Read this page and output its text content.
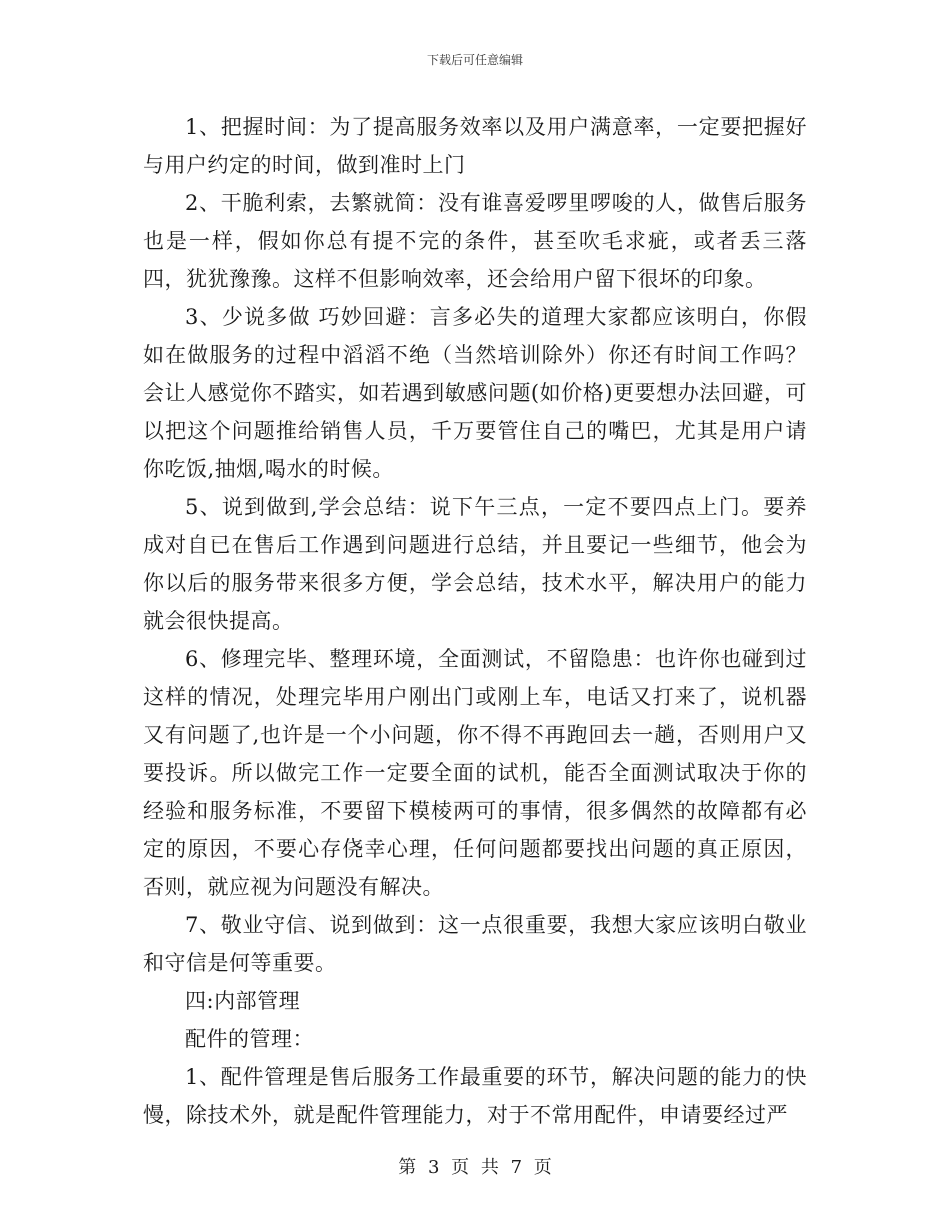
下载后可任意编辑

1、把握时间：为了提高服务效率以及用户满意率，一定要把握好与用户约定的时间，做到准时上门

2、干脆利索，去繁就简：没有谁喜爱啰里啰唆的人，做售后服务也是一样，假如你总有提不完的条件，甚至吹毛求疵，或者丢三落四，犹犹豫豫。这样不但影响效率，还会给用户留下很坏的印象。

3、少说多做 巧妙回避：言多必失的道理大家都应该明白，你假如在做服务的过程中滔滔不绝（当然培训除外）你还有时间工作吗？会让人感觉你不踏实，如若遇到敏感问题(如价格)更要想办法回避，可以把这个问题推给销售人员，千万要管住自己的嘴巴，尤其是用户请你吃饭,抽烟,喝水的时候。

5、说到做到,学会总结：说下午三点，一定不要四点上门。要养成对自已在售后工作遇到问题进行总结，并且要记一些细节，他会为你以后的服务带来很多方便，学会总结，技术水平，解决用户的能力就会很快提高。

6、修理完毕、整理环境，全面测试，不留隐患：也许你也碰到过这样的情况，处理完毕用户刚出门或刚上车，电话又打来了，说机器又有问题了,也许是一个小问题，你不得不再跑回去一趟，否则用户又要投诉。所以做完工作一定要全面的试机，能否全面测试取决于你的经验和服务标准，不要留下模棱两可的事情，很多偶然的故障都有必定的原因，不要心存侥幸心理，任何问题都要找出问题的真正原因，否则，就应视为问题没有解决。

7、敬业守信、说到做到：这一点很重要，我想大家应该明白敬业和守信是何等重要。

四:内部管理

配件的管理：

1、配件管理是售后服务工作最重要的环节，解决问题的能力的快慢，除技术外，就是配件管理能力，对于不常用配件，申请要经过严

第 3 页 共 7 页
